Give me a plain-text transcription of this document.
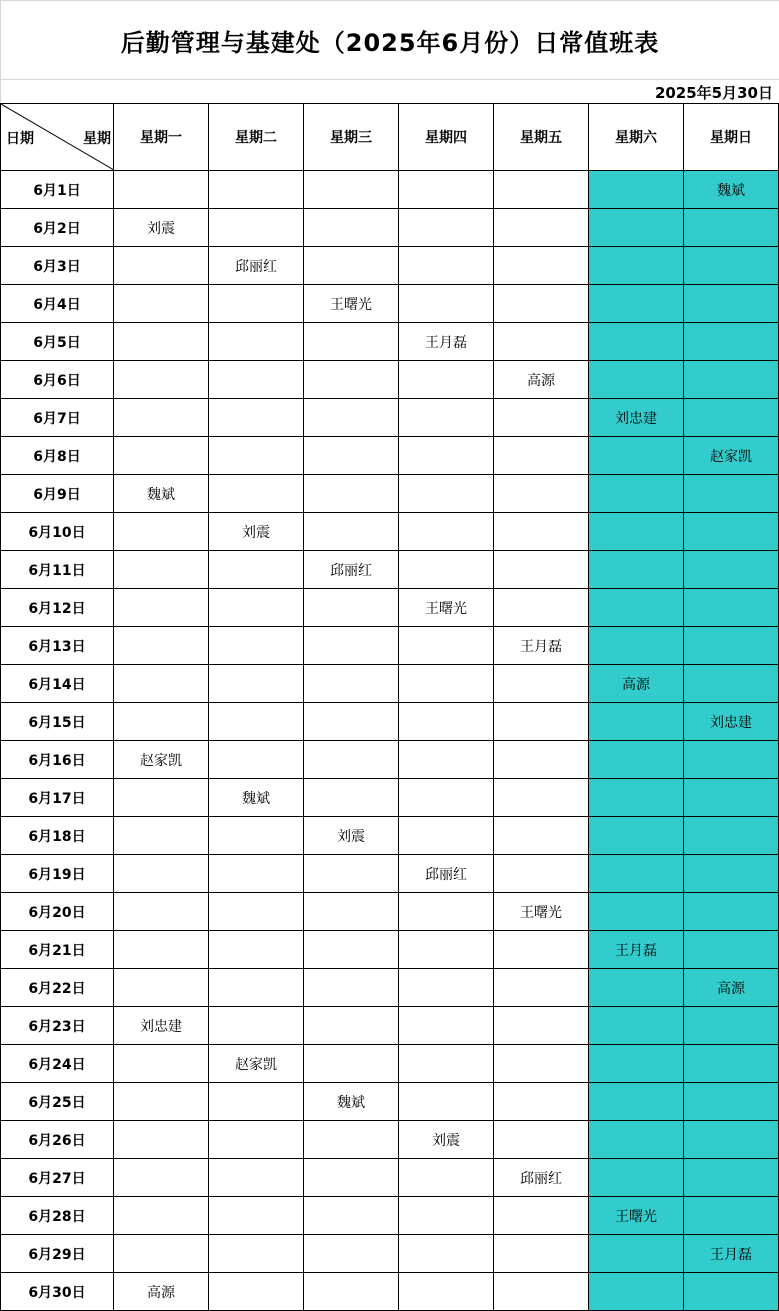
后勤管理与基建处（2025年6月份）日常值班表
2025年5月30日
日期 星期	星期一	星期二	星期三	星期四	星期五	星期六	星期日
6月1日							魏斌
6月2日	刘震						
6月3日		邱丽红					
6月4日			王曙光				
6月5日				王月磊			
6月6日					高源		
6月7日						刘忠建	
6月8日							赵家凯
6月9日	魏斌						
6月10日		刘震					
6月11日			邱丽红				
6月12日				王曙光			
6月13日					王月磊		
6月14日						高源	
6月15日							刘忠建
6月16日	赵家凯						
6月17日		魏斌					
6月18日			刘震				
6月19日				邱丽红			
6月20日					王曙光		
6月21日						王月磊	
6月22日							高源
6月23日	刘忠建						
6月24日		赵家凯					
6月25日			魏斌				
6月26日				刘震			
6月27日					邱丽红		
6月28日						王曙光	
6月29日							王月磊
6月30日	高源						
